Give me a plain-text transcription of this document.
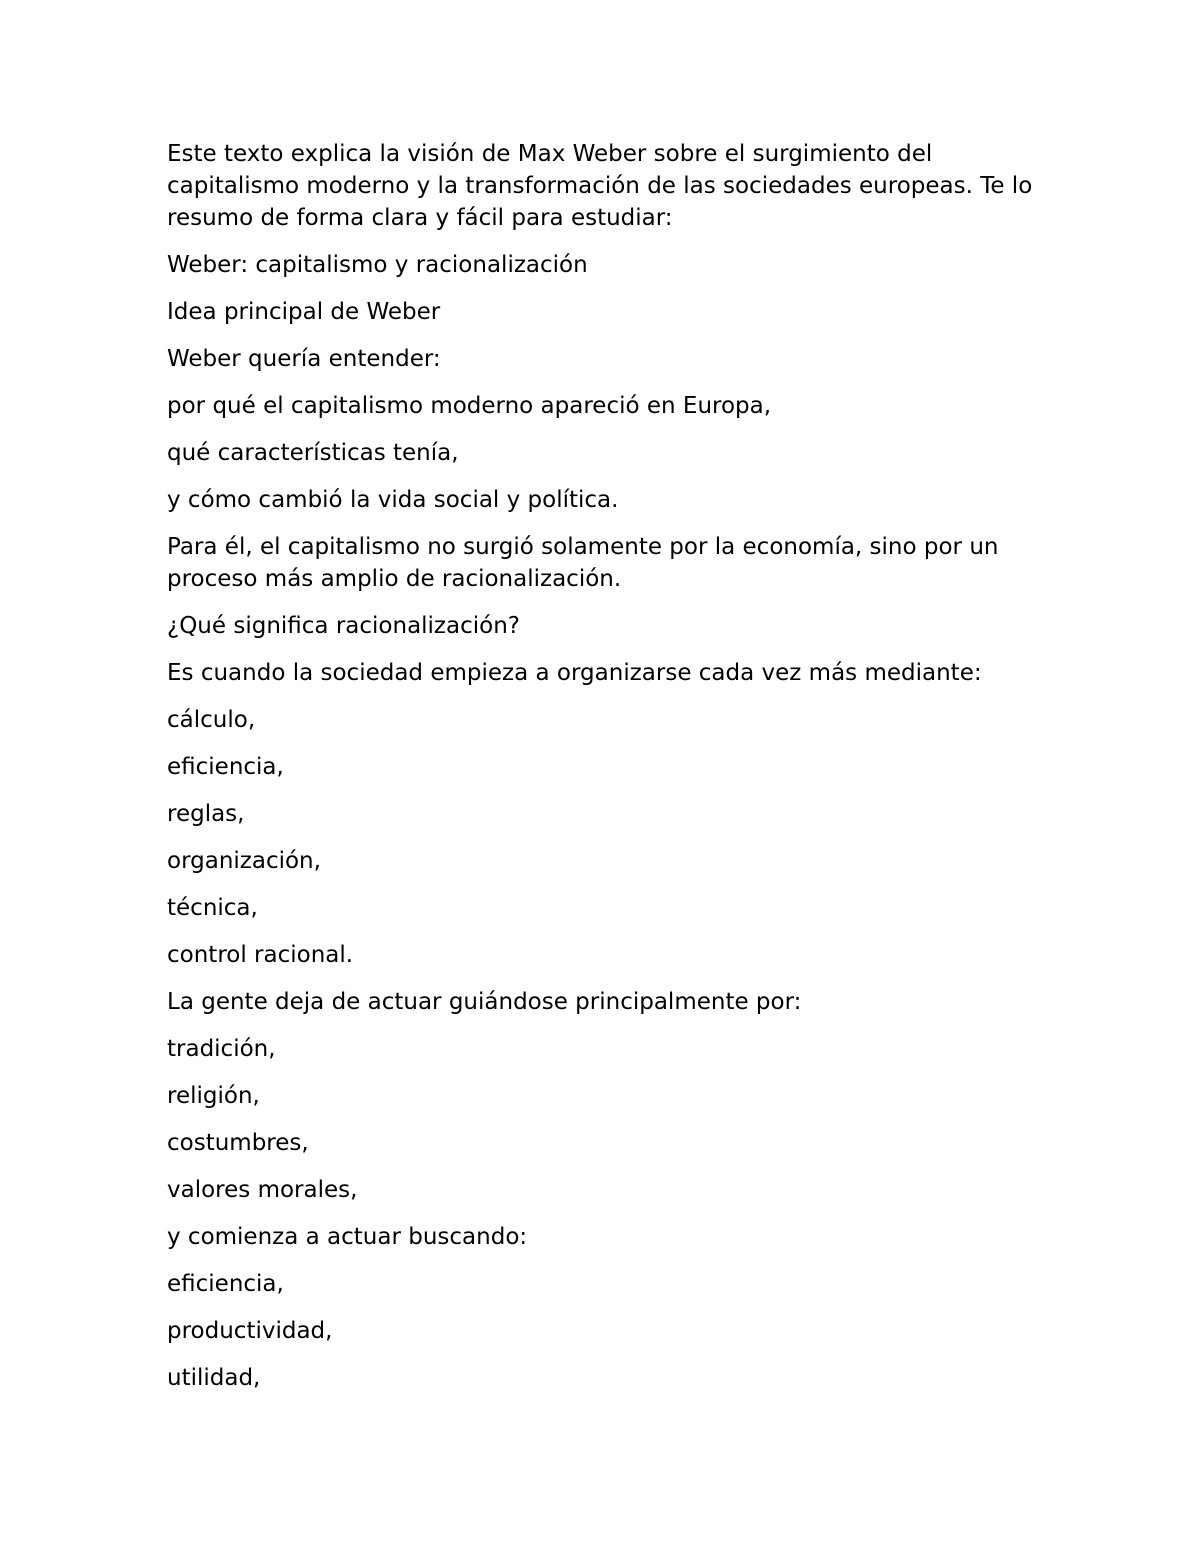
Este texto explica la visión de Max Weber sobre el surgimiento del capitalismo moderno y la transformación de las sociedades europeas. Te lo resumo de forma clara y fácil para estudiar:

Weber: capitalismo y racionalización

Idea principal de Weber

Weber quería entender:

por qué el capitalismo moderno apareció en Europa,

qué características tenía,

y cómo cambió la vida social y política.

Para él, el capitalismo no surgió solamente por la economía, sino por un proceso más amplio de racionalización.

¿Qué significa racionalización?

Es cuando la sociedad empieza a organizarse cada vez más mediante:

cálculo,

eficiencia,

reglas,

organización,

técnica,

control racional.

La gente deja de actuar guiándose principalmente por:

tradición,

religión,

costumbres,

valores morales,

y comienza a actuar buscando:

eficiencia,

productividad,

utilidad,
